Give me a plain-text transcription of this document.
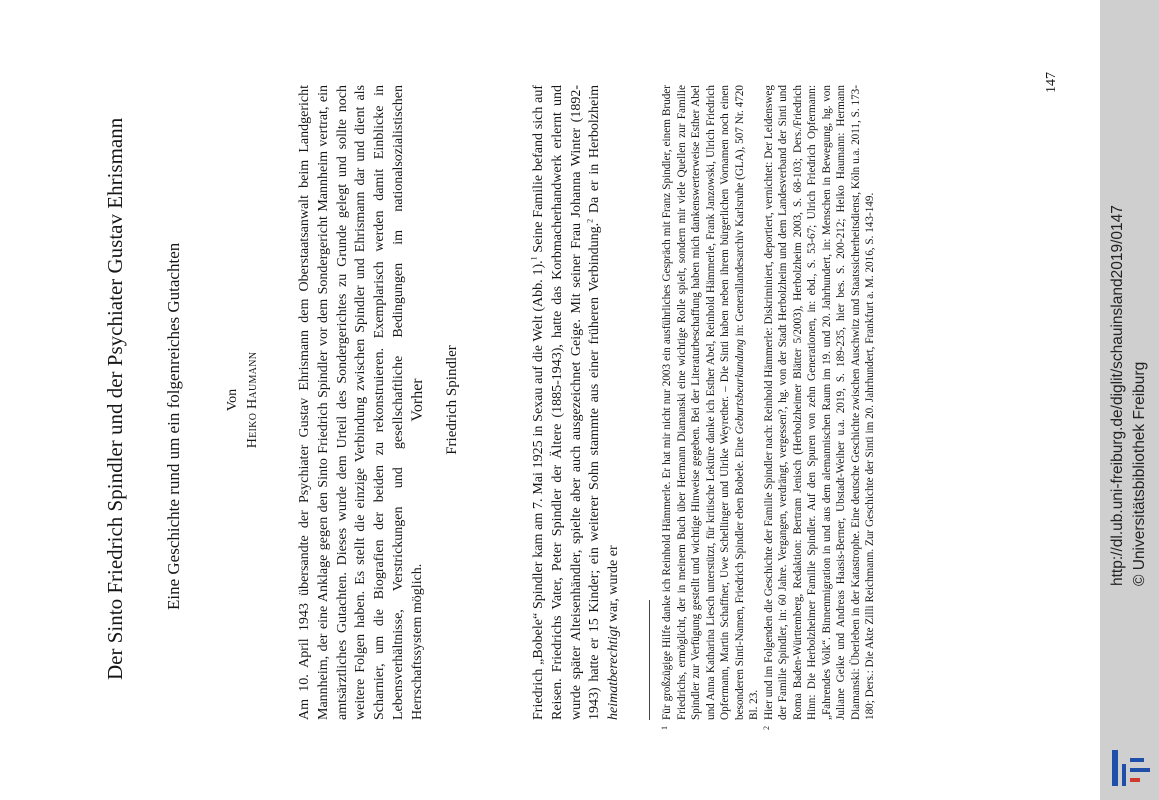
Der Sinto Friedrich Spindler und der Psychiater Gustav Ehrismann Eine Geschichte rund um ein folgenreiches Gutachten	Von Heiko Haumann	Am 10. April 1943 übersandte der Psychiater Gustav Ehrismann dem Oberstaatsanwalt beim Landgericht Mannheim, der eine Anklage gegen den Sinto Friedrich Spindler vor dem Sondergericht Mannheim vertrat, ein amtsärztliches Gutachten. Dieses wurde dem Urteil des Sondergerichtes zu Grunde gelegt und sollte noch weitere Folgen haben. Es stellt die einzige Verbindung zwischen Spindler und Ehrismann dar und dient als Scharnier, um die Biografien der beiden zu rekonstruieren. Exemplarisch werden damit Einblicke in Lebensverhältnisse, Verstrickungen und gesellschaftliche Bedingungen im nationalsozialistischen Herrschaftssystem möglich.
Vorher Friedrich Spindler	Friedrich „Bobele“ Spindler kam am 7. Mai 1925 in Sexau auf die Welt (Abb. 1).$^1$ Seine Familie befand sich auf Reisen. Friedrichs Vater, Peter Spindler der Ältere (1885-1943), hatte das Korbmacherhandwerk erlernt und wurde später Alteisenhändler, spielte aber auch ausgezeichnet Geige. Mit seiner Frau Johanna Winter (1892-1943) hatte er 15 Kinder; ein weiterer Sohn stammte aus einer früheren Verbindung.$^2$ Da er in Herbolzheim heimatberechtigt war, wurde er
1
Für großzügige Hilfe danke ich Reinhold Hämmerle. Er hat mir nicht nur 2003 ein ausführliches Gespräch mit Franz Spindler, einem Bruder Friedrichs, ermöglicht, der in meinem Buch über Hermann Diamanski eine wichtige Rolle spielt, sondern mir viele Quellen zur Familie Spindler zur Verfügung gestellt und wichtige Hinweise gegeben. Bei der Literaturbeschaffung haben mich dankenswerterweise Esther Abel und Anna Katharina Liesch unterstützt, für kritische Lektüre danke ich Esther Abel, Reinhold Hämmerle, Frank Janzowski, Ulrich Friedrich Opfermann, Martin Schaffner, Uwe Schellinger und Ulrike Weyrether. – Die Sinti haben neben ihrem bürgerlichen Vornamen noch einen besonderen Sinti-Namen, Friedrich Spindler eben Bobele. Eine Geburtsbeurkundung in: Generallandesarchiv Karlsruhe (GLA), 507 Nr. 4720 Bl. 23.
2
Hier und im Folgenden die Geschichte der Familie Spindler nach: Reinhold Hämmerle: Diskriminiert, deportiert, vernichtet: Der Leidensweg der Familie Spindler, in: 60 Jahre. Vergangen, verdrängt, vergessen?, hg. von der Stadt Herbolzheim und dem Landesverband der Sinti und Roma Baden-Württemberg, Redaktion: Bertram Jenisch (Herbolzheimer Blätter 5/2003), Herbolzheim 2003, S. 68-103; Ders./Friedrich Hinn: Die Herbolzheimer Familie Spindler. Auf den Spuren von zehn Generationen, in: ebd., S. 53-67; Ulrich Friedrich Opfermann: „Fahrendes Volk“. Binnenmigration in und aus dem alemannischen Raum im 19. und 20. Jahrhundert, in: Menschen in Bewegung, hg. von Juliane Geike und Andreas Haasis-Berner, Ubstadt-Weiher u.a. 2019, S. 189-235, hier bes. S. 200-212; Heiko Haumann: Hermann Diamanski: Überleben in der Katastrophe. Eine deutsche Geschichte zwischen Auschwitz und Staatssicherheitsdienst, Köln u.a. 2011, S. 173-180; Ders.: Die Akte Zilli Reichmann. Zur Geschichte der Sinti im 20. Jahrhundert, Frankfurt a. M. 2016, S. 143-149.
147
http://dl.ub.uni-freiburg.de/diglit/schauinsland2019/0147 © Universitätsbibliothek Freiburg
